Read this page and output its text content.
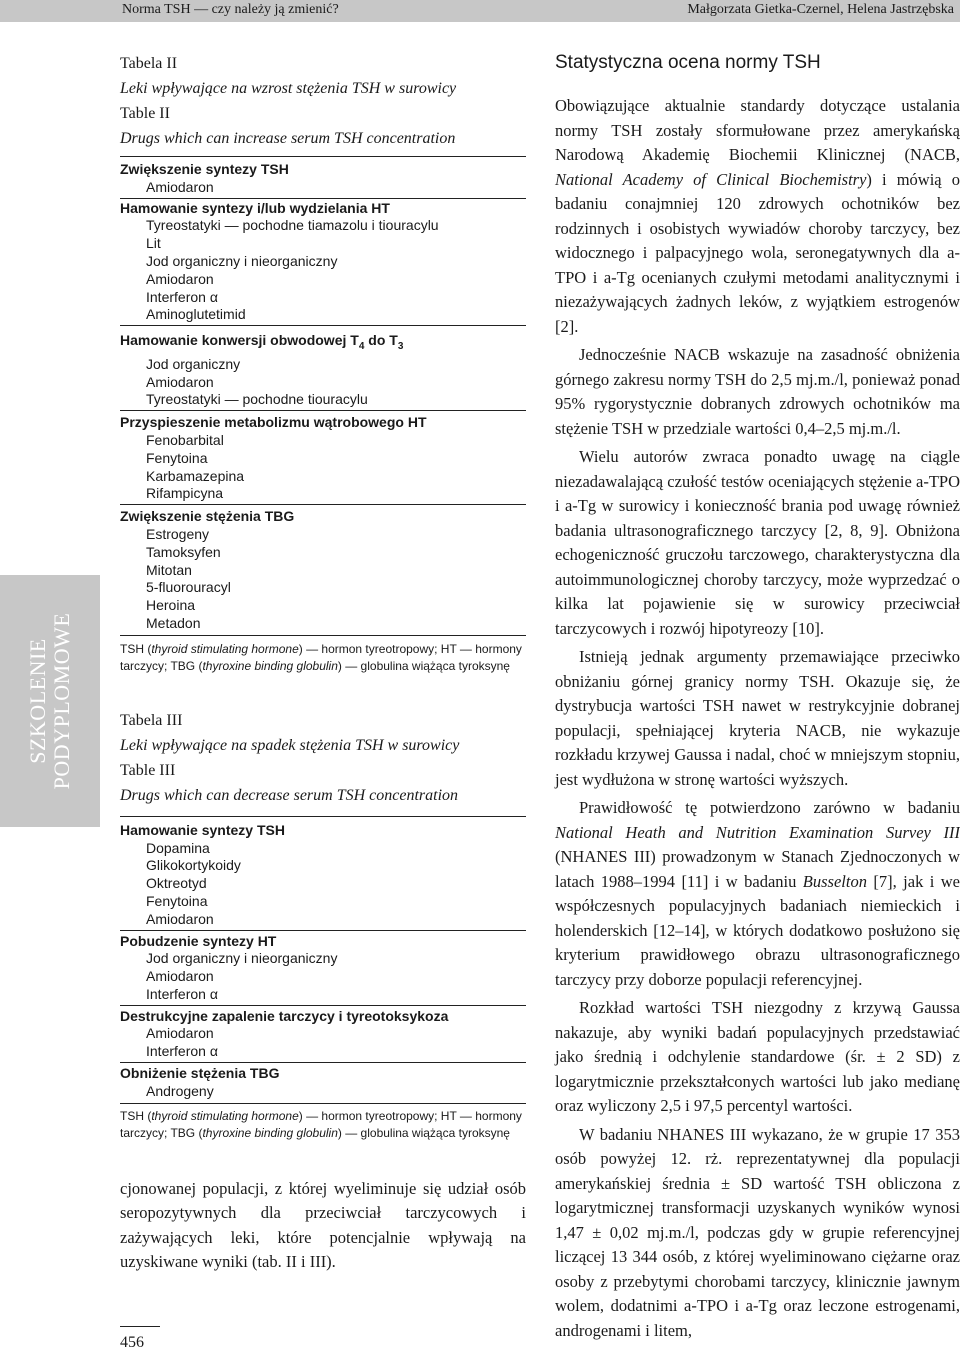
Norma TSH — czy należy ją zmienić?	Małgorzata Gietka-Czernel, Helena Jastrzębska
SZKOLENIE PODYPLOMOWE
Tabela II
Leki wpływające na wzrost stężenia TSH w surowicy
Table II
Drugs which can increase serum TSH concentration
Zwiększenie syntezy TSH
Amiodaron
Hamowanie syntezy i/lub wydzielania HT
Tyreostatyki — pochodne tiamazolu i tiouracylu
Lit
Jod organiczny i nieorganiczny
Amiodaron
Interferon α
Aminoglutetimid
Hamowanie konwersji obwodowej $T_4$ do $T_3$
Jod organiczny
Amiodaron
Tyreostatyki — pochodne tiouracylu
Przyspieszenie metabolizmu wątrobowego HT
Fenobarbital
Fenytoina
Karbamazepina
Rifampicyna
Zwiększenie stężenia TBG
Estrogeny
Tamoksyfen
Mitotan
5-fluorouracyl
Heroina
Metadon
TSH (thyroid stimulating hormone) — hormon tyreotropowy; HT — hormony tarczycy; TBG (thyroxine binding globulin) — globulina wiążąca tyroksynę
Tabela III
Leki wpływające na spadek stężenia TSH w surowicy
Table III
Drugs which can decrease serum TSH concentration
Hamowanie syntezy TSH
Dopamina
Glikokortykoidy
Oktreotyd
Fenytoina
Amiodaron
Pobudzenie syntezy HT
Jod organiczny i nieorganiczny
Amiodaron
Interferon α
Destrukcyjne zapalenie tarczycy i tyreotoksykoza
Amiodaron
Interferon α
Obniżenie stężenia TBG
Androgeny
TSH (thyroid stimulating hormone) — hormon tyreotropowy; HT — hormony tarczycy; TBG (thyroxine binding globulin) — globulina wiążąca tyroksynę
cjonowanej populacji, z której wyeliminuje się udział osób seropozytywnych dla przeciwciał tarczycowych i zażywających leki, które potencjalnie wpływają na uzyskiwane wyniki (tab. II i III).
Statystyczna ocena normy TSH
Obowiązujące aktualnie standardy dotyczące ustalania normy TSH zostały sformułowane przez amerykańską Narodową Akademię Biochemii Klinicznej (NACB, National Academy of Clinical Biochemistry) i mówią o badaniu conajmniej 120 zdrowych ochotników bez rodzinnych i osobistych wywiadów choroby tarczycy, bez widocznego i palpacyjnego wola, seronegatywnych dla a-TPO i a-Tg ocenianych czułymi metodami analitycznymi i niezażywających żadnych leków, z wyjątkiem estrogenów [2].
Jednocześnie NACB wskazuje na zasadność obniżenia górnego zakresu normy TSH do 2,5 mj.m./l, ponieważ ponad 95% rygorystycznie dobranych zdrowych ochotników ma stężenie TSH w przedziale wartości 0,4–2,5 mj.m./l.
Wielu autorów zwraca ponadto uwagę na ciągle niezadawalającą czułość testów oceniających stężenie a-TPO i a-Tg w surowicy i konieczność brania pod uwagę również badania ultrasonograficznego tarczycy [2, 8, 9]. Obniżona echogeniczność gruczołu tarczowego, charakterystyczna dla autoimmunologicznej choroby tarczycy, może wyprzedzać o kilka lat pojawienie się w surowicy przeciwciał tarczycowych i rozwój hipotyreozy [10].
Istnieją jednak argumenty przemawiające przeciwko obniżaniu górnej granicy normy TSH. Okazuje się, że dystrybucja wartości TSH nawet w restrykcyjnie dobranej populacji, spełniającej kryteria NACB, nie wykazuje rozkładu krzywej Gaussa i nadal, choć w mniejszym stopniu, jest wydłużona w stronę wartości wyższych.
Prawidłowość tę potwierdzono zarówno w badaniu National Heath and Nutrition Examination Survey III (NHANES III) prowadzonym w Stanach Zjednoczonych w latach 1988–1994 [11] i w badaniu Busselton [7], jak i we współczesnych populacyjnych badaniach niemieckich i holenderskich [12–14], w których dodatkowo posłużono się kryterium prawidłowego obrazu ultrasonograficznego tarczycy przy doborze populacji referencyjnej.
Rozkład wartości TSH niezgodny z krzywą Gaussa nakazuje, aby wyniki badań populacyjnych przedstawiać jako średnią i odchylenie standardowe (śr. ± 2 SD) z logarytmicznie przekształconych wartości lub jako medianę oraz wyliczony 2,5 i 97,5 percentyl wartości.
W badaniu NHANES III wykazano, że w grupie 17 353 osób powyżej 12. rż. reprezentatywnej dla populacji amerykańskiej średnia ± SD wartość TSH obliczona z logarytmicznej transformacji uzyskanych wyników wynosi 1,47 ± 0,02 mj.m./l, podczas gdy w grupie referencyjnej liczącej 13 344 osób, z której wyeliminowano ciężarne oraz osoby z przebytymi chorobami tarczycy, klinicznie jawnym wolem, dodatnimi a-TPO i a-Tg oraz leczone estrogenami, androgenami i litem,
456
